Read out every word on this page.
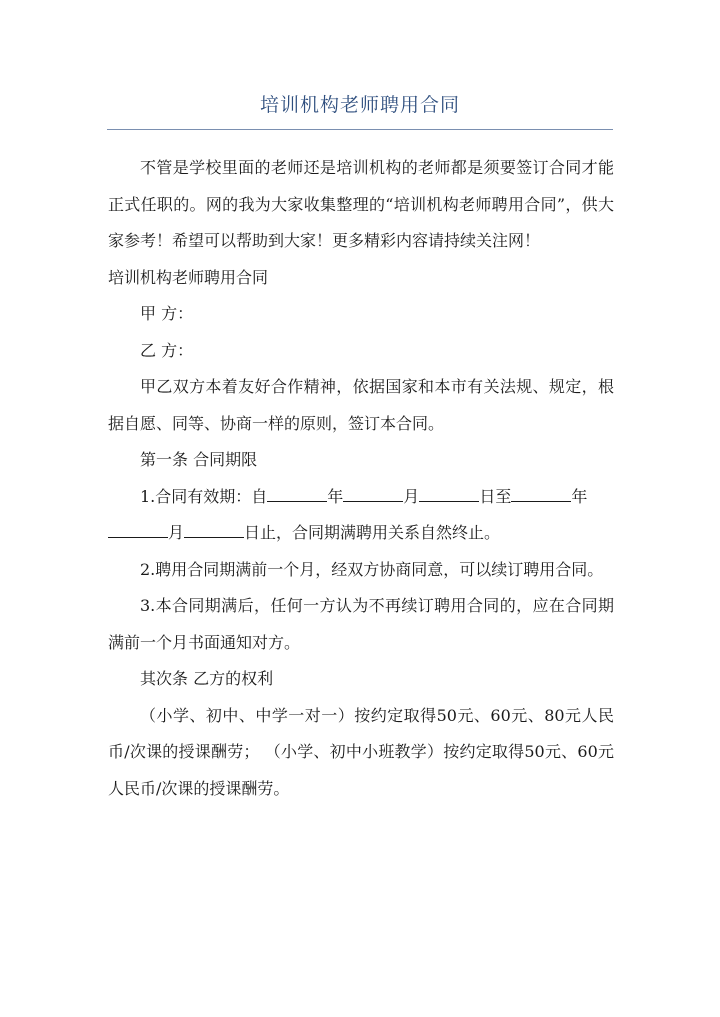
培训机构老师聘用合同

不管是学校里面的老师还是培训机构的老师都是须要签订合同才能正式任职的。网的我为大家收集整理的“培训机构老师聘用合同”，供大家参考！希望可以帮助到大家！更多精彩内容请持续关注网！

培训机构老师聘用合同

甲 方：

乙 方：

甲乙双方本着友好合作精神，依据国家和本市有关法规、规定，根据自愿、同等、协商一样的原则，签订本合同。

第一条 合同期限

1.合同有效期：自	年	月	日至	年月	日止，合同期满聘用关系自然终止。

2.聘用合同期满前一个月，经双方协商同意，可以续订聘用合同。

3.本合同期满后，任何一方认为不再续订聘用合同的，应在合同期满前一个月书面通知对方。

其次条 乙方的权利

（小学、初中、中学一对一）按约定取得50元、60元、80元人民币/次课的授课酬劳； （小学、初中小班教学）按约定取得50元、60元人民币/次课的授课酬劳。
